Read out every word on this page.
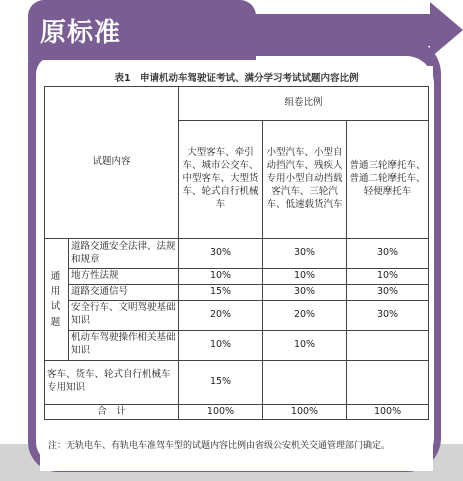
原标准
表1　申请机动车驾驶证考试、满分学习考试试题内容比例
试题内容		组卷比例		
		大型客车、牵引车、城市公交车、中型客车、大型货车、轮式自行机械车	小型汽车、小型自动挡汽车、残疾人专用小型自动挡载客汽车、三轮汽车、低速载货汽车	普通三轮摩托车、普通二轮摩托车、轻便摩托车
通用试题	道路交通安全法律、法规和规章	30%	30%	30%
	地方性法规	10%	10%	10%
	道路交通信号	15%	30%	30%
	安全行车、文明驾驶基础知识	20%	20%	30%
	机动车驾驶操作相关基础知识	10%	10%	
客车、货车、轮式自行机械车专用知识		15%		
合　计		100%	100%	100%
注：无轨电车、有轨电车准驾车型的试题内容比例由省级公安机关交通管理部门确定。
